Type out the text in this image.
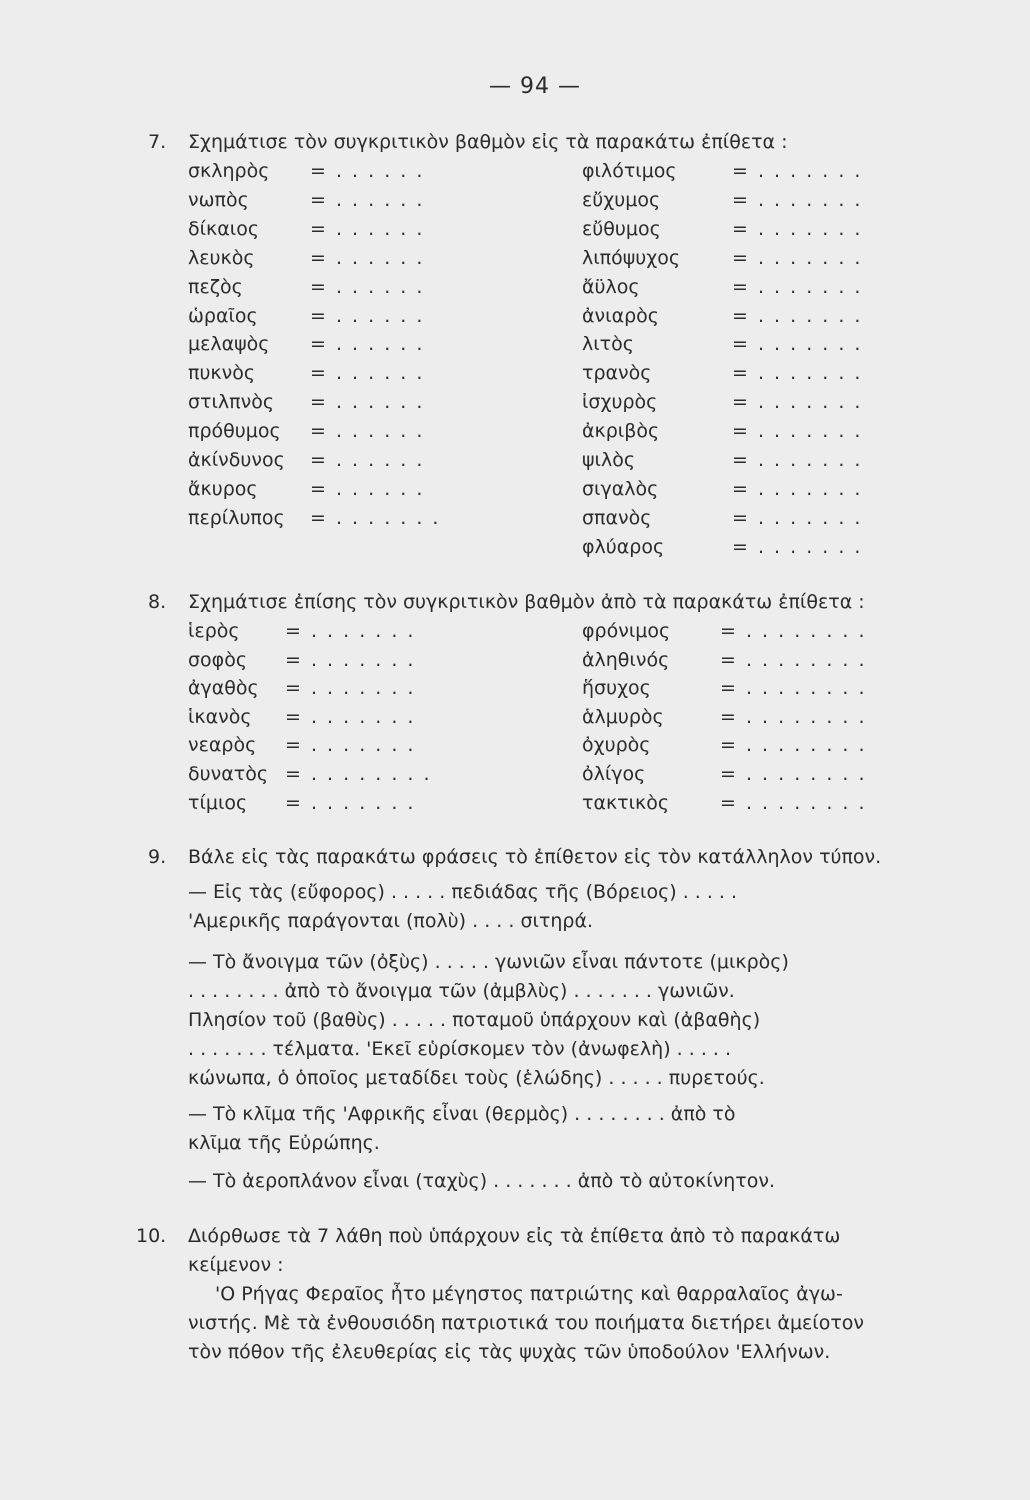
— 94 —
7. Σχημάτισε τὸν συγκριτικὸν βαθμὸν εἰς τὰ παρακάτω ἐπίθετα :
σκληρὸς = . . . . . .	φιλότιμος	= . . . . . . .
νωπὸς	= . . . . . .	εὔχυμος	= . . . . . . .
δίκαιος	= . . . . . .	εὔθυμος	= . . . . . . .
λευκὸς	= . . . . . .	λιπόψυχος	= . . . . . . .
πεζὸς	= . . . . . .	ἄϋλος	= . . . . . . .
ὡραῖος	= . . . . . .	ἀνιαρὸς	= . . . . . . .
μελαψὸς = . . . . . .	λιτὸς	= . . . . . . .
πυκνὸς	= . . . . . .	τρανὸς	= . . . . . . .
στιλπνὸς = . . . . . .	ἰσχυρὸς	= . . . . . . .
πρόθυμος = . . . . . .	ἀκριβὸς	= . . . . . . .
ἀκίνδυνος = . . . . . .	ψιλὸς	= . . . . . . .
ἄκυρος	= . . . . . .	σιγαλὸς	= . . . . . . .
περίλυπος = . . . . . . .	σπανὸς	= . . . . . . .
φλύαρος	= . . . . . . .
8. Σχημάτισε ἐπίσης τὸν συγκριτικὸν βαθμὸν ἀπὸ τὰ παρακάτω ἐπίθετα :
ἱερὸς = . . . . . . .	φρόνιμος	= . . . . . . . .
σοφὸς = . . . . . . .	ἀληθινός	= . . . . . . . .
ἀγαθὸς = . . . . . . .	ἥσυχος	= . . . . . . . .
ἱκανὸς = . . . . . . .	ἁλμυρὸς	= . . . . . . . .
νεαρὸς = . . . . . . .	ὀχυρὸς	= . . . . . . . .
δυνατὸς = . . . . . . . .	ὀλίγος	= . . . . . . . .
τίμιος = . . . . . . .	τακτικὸς	= . . . . . . . .
9. Βάλε εἰς τὰς παρακάτω φράσεις τὸ ἐπίθετον εἰς τὸν κατάλληλον τύπον.
— Εἰς τὰς (εὔφορος) . . . . . πεδιάδας τῆς (Βόρειος) . . . . .
'Αμερικῆς παράγονται (πολὺ) . . . . σιτηρά.
— Τὸ ἄνοιγμα τῶν (ὀξὺς) . . . . . γωνιῶν εἶναι πάντοτε (μικρὸς)
. . . . . . . . ἀπὸ τὸ ἄνοιγμα τῶν (ἀμβλὺς) . . . . . . . γωνιῶν.
Πλησίον τοῦ (βαθὺς) . . . . . ποταμοῦ ὑπάρχουν καὶ (ἀβαθὴς)
. . . . . . . τέλματα. 'Εκεῖ εὑρίσκομεν τὸν (ἀνωφελὴ) . . . . .
κώνωπα, ὁ ὁποῖος μεταδίδει τοὺς (ἑλώδης) . . . . . πυρετούς.
— Τὸ κλῖμα τῆς 'Αφρικῆς εἶναι (θερμὸς) . . . . . . . . ἀπὸ τὸ
κλῖμα τῆς Εὐρώπης.
— Τὸ ἀεροπλάνον εἶναι (ταχὺς) . . . . . . . ἀπὸ τὸ αὐτοκίνητον.
10. Διόρθωσε τὰ 7 λάθη ποὺ ὑπάρχουν εἰς τὰ ἐπίθετα ἀπὸ τὸ παρακάτω
κείμενον :
'Ο Ρήγας Φεραῖος ἦτο μέγηστος πατριώτης καὶ θαρραλαῖος ἀγω-
νιστής. Μὲ τὰ ἐνθουσιόδη πατριοτικά του ποιήματα διετήρει ἀμείοτον
τὸν πόθον τῆς ἐλευθερίας εἰς τὰς ψυχὰς τῶν ὑποδούλον 'Ελλήνων.
